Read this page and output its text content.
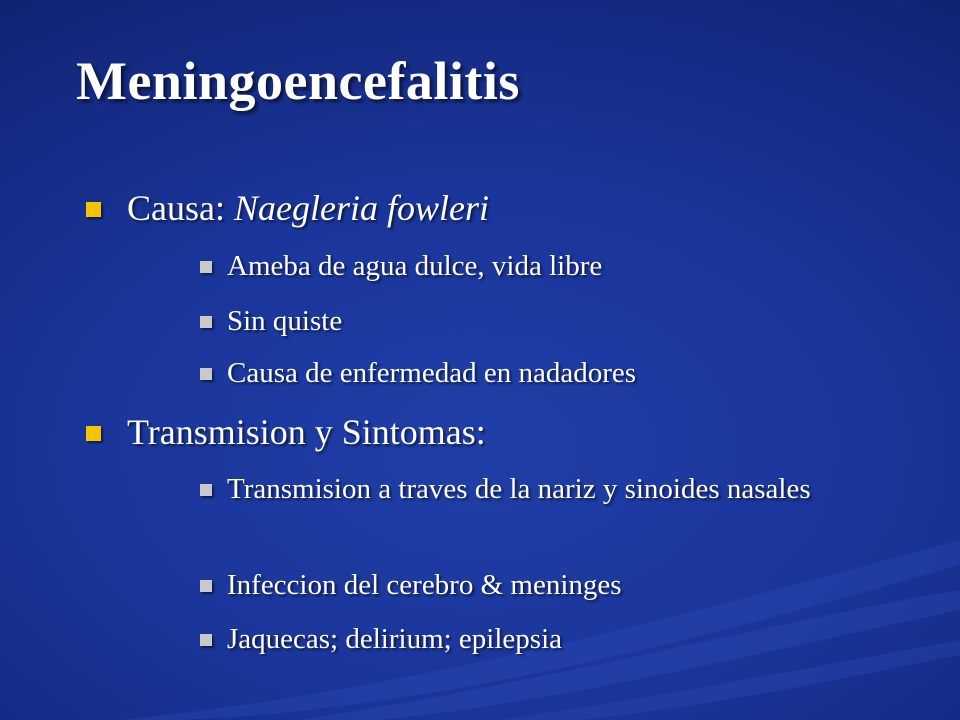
Meningoencefalitis
Causa: Naegleria fowleri
Ameba de agua dulce, vida libre
Sin quiste
Causa de enfermedad en nadadores
Transmision y Sintomas:
Transmision a traves de la nariz y sinoides nasales
Infeccion del cerebro & meninges
Jaquecas; delirium; epilepsia
